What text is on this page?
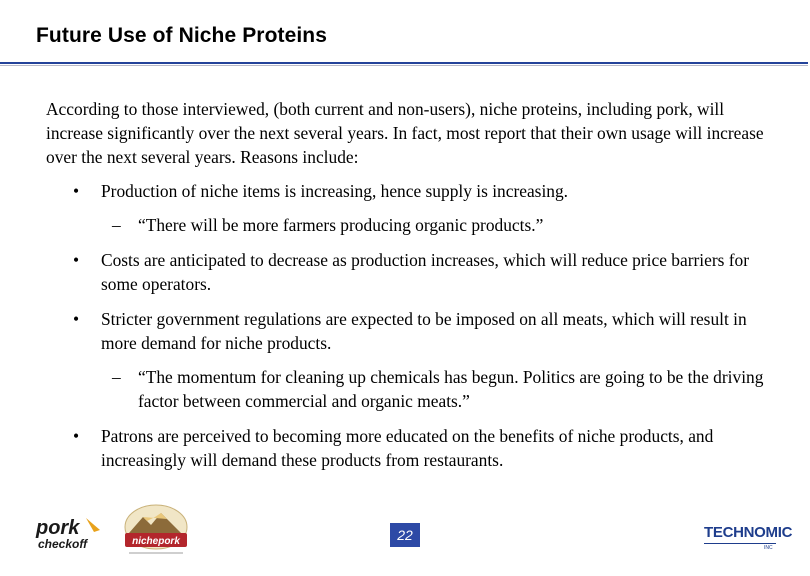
Future Use of Niche Proteins

According to those interviewed, (both current and non-users), niche proteins, including pork, will increase significantly over the next several years. In fact, most report that their own usage will increase over the next several years. Reasons include:

• Production of niche items is increasing, hence supply is increasing.

– “There will be more farmers producing organic products.”

• Costs are anticipated to decrease as production increases, which will reduce price barriers for some operators.

• Stricter government regulations are expected to be imposed on all meats, which will result in more demand for niche products.

– “The momentum for cleaning up chemicals has begun. Politics are going to be the driving factor between commercial and organic meats.”

• Patrons are perceived to becoming more educated on the benefits of niche products, and increasingly will demand these products from restaurants.

pork
checkoff	nichepork	22	TECHNOMIC
INC
